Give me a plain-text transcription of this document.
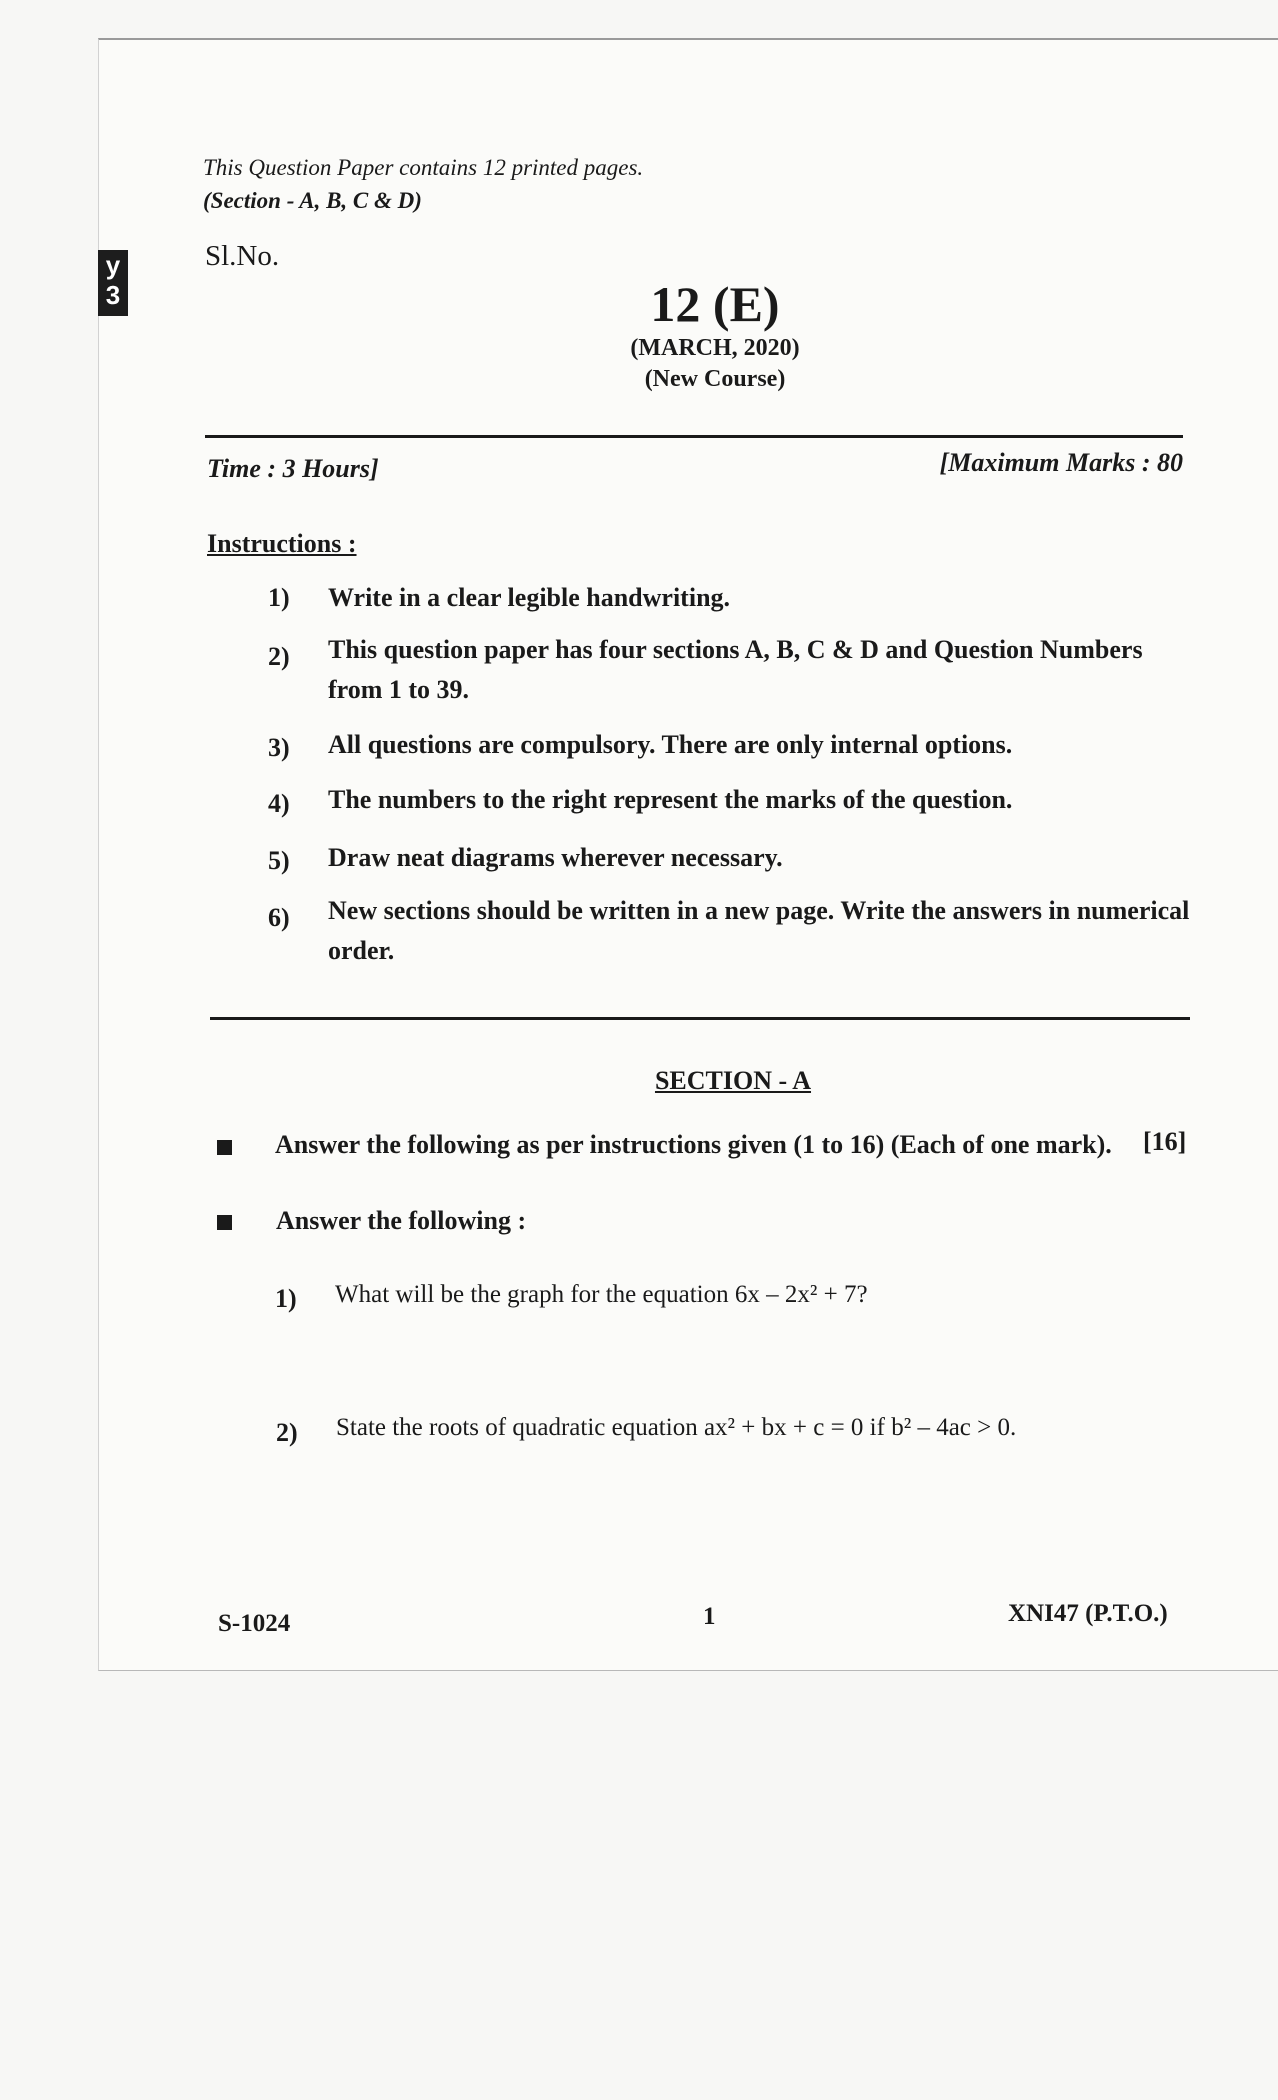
y
3
This Question Paper contains 12 printed pages.
(Section - A, B, C & D)
Sl.No.
12 (E)
(MARCH, 2020)
(New Course)
Time : 3 Hours]	[Maximum Marks : 80
Instructions :
1) Write in a clear legible handwriting.
2) This question paper has four sections A, B, C & D and Question Numbers from 1 to 39.
3) All questions are compulsory. There are only internal options.
4) The numbers to the right represent the marks of the question.
5) Draw neat diagrams wherever necessary.
6) New sections should be written in a new page. Write the answers in numerical order.
SECTION - A
Answer the following as per instructions given (1 to 16) (Each of one mark). [16]
Answer the following :
1) What will be the graph for the equation 6x – 2x² + 7?
2) State the roots of quadratic equation ax² + bx + c = 0 if b² – 4ac > 0.
S-1024	1	XNI47 (P.T.O.)
